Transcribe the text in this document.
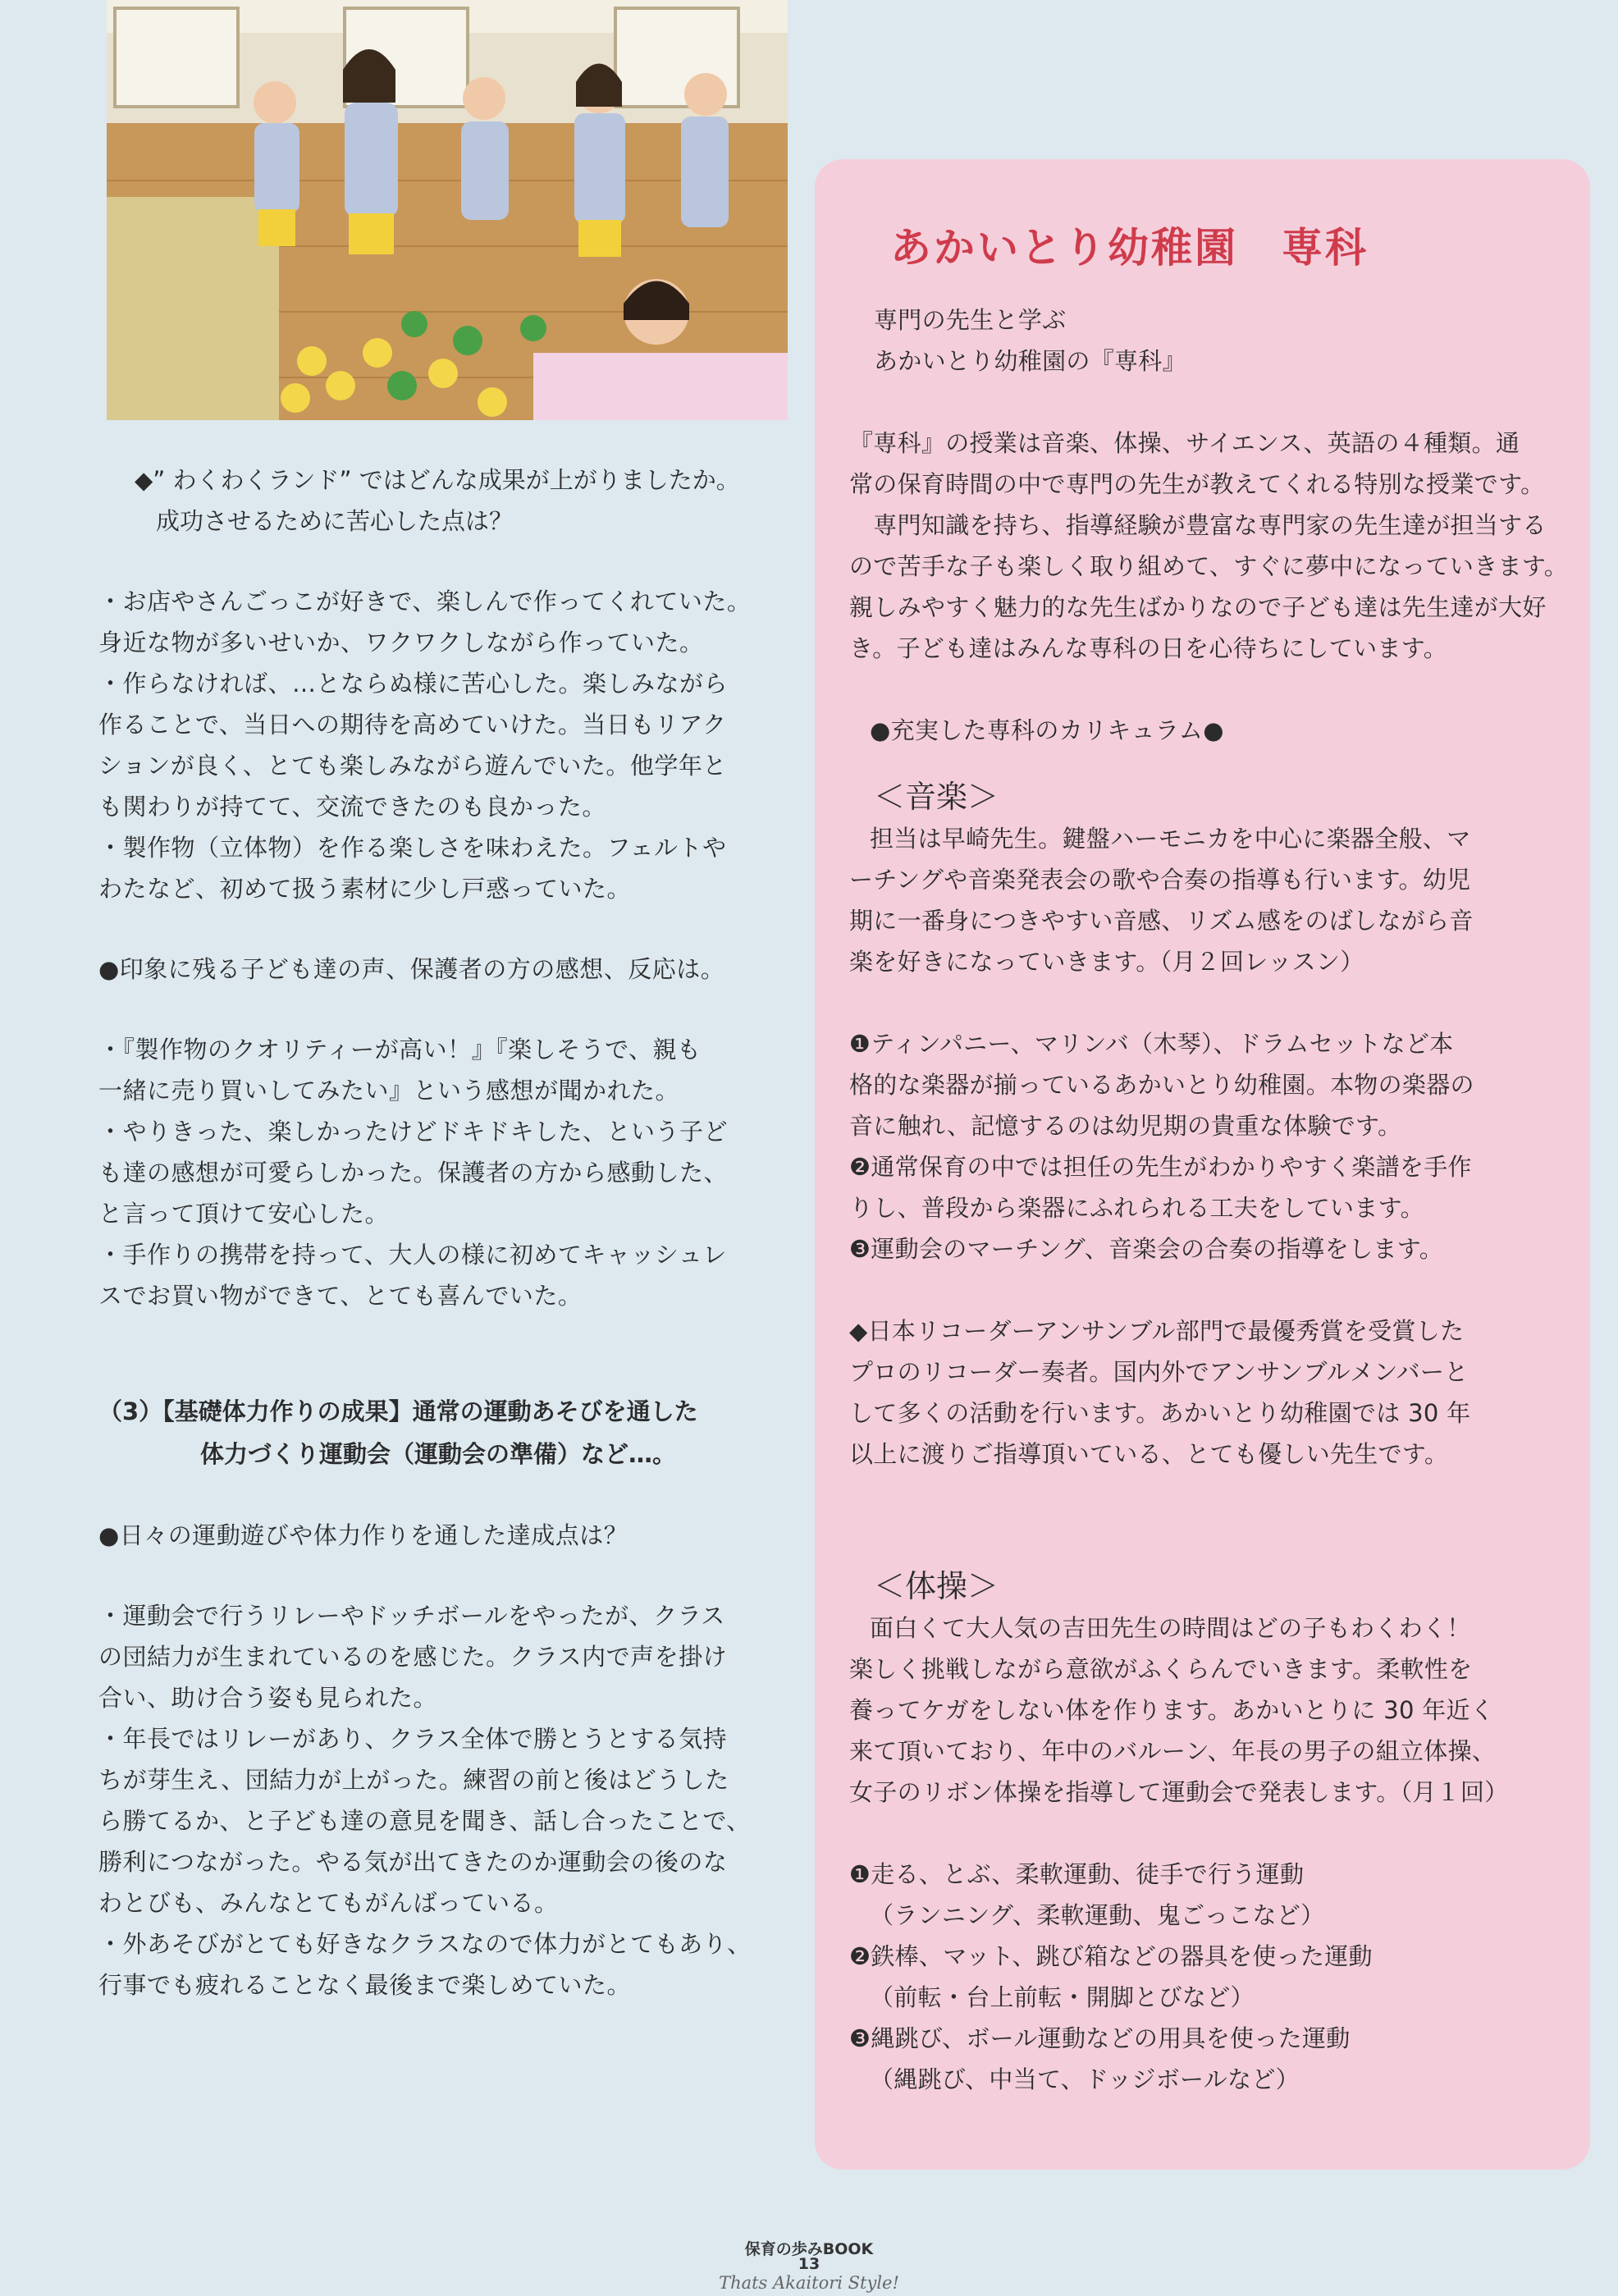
◆” わくわくランド” ではどんな成果が上がりましたか。
成功させるために苦心した点は？
・お店やさんごっこが好きで、楽しんで作ってくれていた。
身近な物が多いせいか、ワクワクしながら作っていた。
・作らなければ、…とならぬ様に苦心した。楽しみながら
作ることで、当日への期待を高めていけた。当日もリアク
ションが良く、とても楽しみながら遊んでいた。他学年と
も関わりが持てて、交流できたのも良かった。
・製作物（立体物）を作る楽しさを味わえた。フェルトや
わたなど、初めて扱う素材に少し戸惑っていた。
●印象に残る子ども達の声、保護者の方の感想、反応は。
・『製作物のクオリティーが高い！』『楽しそうで、親も
一緒に売り買いしてみたい』という感想が聞かれた。
・やりきった、楽しかったけどドキドキした、という子ど
も達の感想が可愛らしかった。保護者の方から感動した、
と言って頂けて安心した。
・手作りの携帯を持って、大人の様に初めてキャッシュレ
スでお買い物ができて、とても喜んでいた。
（3）【基礎体力作りの成果】通常の運動あそびを通した
体力づくり運動会（運動会の準備）など…。
●日々の運動遊びや体力作りを通した達成点は？
・運動会で行うリレーやドッチボールをやったが、クラス
の団結力が生まれているのを感じた。クラス内で声を掛け
合い、助け合う姿も見られた。
・年長ではリレーがあり、クラス全体で勝とうとする気持
ちが芽生え、団結力が上がった。練習の前と後はどうした
ら勝てるか、と子ども達の意見を聞き、話し合ったことで、
勝利につながった。やる気が出てきたのか運動会の後のな
わとびも、みんなとてもがんばっている。
・外あそびがとても好きなクラスなので体力がとてもあり、
行事でも疲れることなく最後まで楽しめていた。
あかいとり幼稚園　専科
専門の先生と学ぶ
あかいとり幼稚園の『専科』
『専科』の授業は音楽、体操、サイエンス、英語の４種類。通
常の保育時間の中で専門の先生が教えてくれる特別な授業です。
　専門知識を持ち、指導経験が豊富な専門家の先生達が担当する
ので苦手な子も楽しく取り組めて、すぐに夢中になっていきます。
親しみやすく魅力的な先生ばかりなので子ども達は先生達が大好
き。子ども達はみんな専科の日を心待ちにしています。
●充実した専科のカリキュラム●
＜音楽＞
担当は早崎先生。鍵盤ハーモニカを中心に楽器全般、マ
ーチングや音楽発表会の歌や合奏の指導も行います。幼児
期に一番身につきやすい音感、リズム感をのばしながら音
楽を好きになっていきます。（月２回レッスン）
❶ティンパニー、マリンバ（木琴）、ドラムセットなど本
格的な楽器が揃っているあかいとり幼稚園。本物の楽器の
音に触れ、記憶するのは幼児期の貴重な体験です。
❷通常保育の中では担任の先生がわかりやすく楽譜を手作
りし、普段から楽器にふれられる工夫をしています。
❸運動会のマーチング、音楽会の合奏の指導をします。
◆日本リコーダーアンサンブル部門で最優秀賞を受賞した
プロのリコーダー奏者。国内外でアンサンブルメンバーと
して多くの活動を行います。あかいとり幼稚園では 30 年
以上に渡りご指導頂いている、とても優しい先生です。
＜体操＞
面白くて大人気の吉田先生の時間はどの子もわくわく！
楽しく挑戦しながら意欲がふくらんでいきます。柔軟性を
養ってケガをしない体を作ります。あかいとりに 30 年近く
来て頂いており、年中のバルーン、年長の男子の組立体操、
女子のリボン体操を指導して運動会で発表します。（月１回）
❶走る、とぶ、柔軟運動、徒手で行う運動
（ランニング、柔軟運動、鬼ごっこなど）
❷鉄棒、マット、跳び箱などの器具を使った運動
（前転・台上前転・開脚とびなど）
❸縄跳び、ボール運動などの用具を使った運動
（縄跳び、中当て、ドッジボールなど）
保育の歩みBOOK
13
Thats Akaitori Style!
